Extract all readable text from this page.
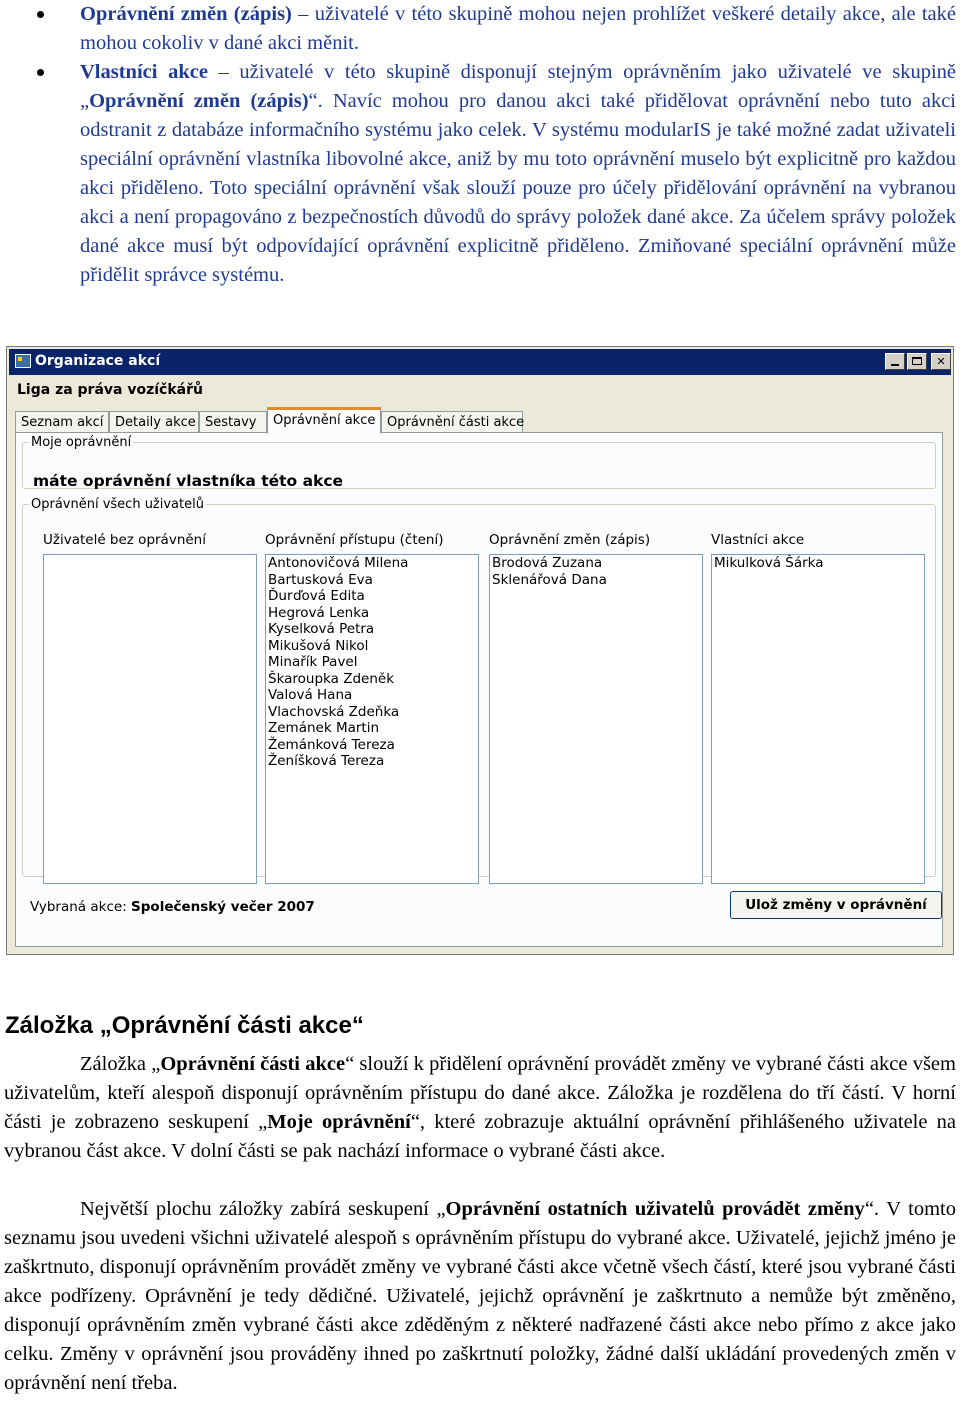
Oprávnění změn (zápis) – uživatelé v této skupině mohou nejen prohlížet veškeré detaily akce, ale také mohou cokoliv v dané akci měnit.
Vlastníci akce – uživatelé v této skupině disponují stejným oprávněním jako uživatelé ve skupině „Oprávnění změn (zápis)“. Navíc mohou pro danou akci také přidělovat oprávnění nebo tuto akci odstranit z databáze informačního systému jako celek. V systému modularIS je také možné zadat uživateli speciální oprávnění vlastníka libovolné akce, aniž by mu toto oprávnění muselo být explicitně pro každou akci přiděleno. Toto speciální oprávnění však slouží pouze pro účely přidělování oprávnění na vybranou akci a není propagováno z bezpečnostích důvodů do správy položek dané akce. Za účelem správy položek dané akce musí být odpovídající oprávnění explicitně přiděleno. Zmiňované speciální oprávnění může přidělit správce systému.
Organizace akcí	✕
Liga za práva vozíčkářů
Seznam akcí Detaily akce Sestavy	Oprávnění akce Oprávnění části akce
Moje oprávnění
máte oprávnění vlastníka této akce
Oprávnění všech uživatelů
Uživatelé bez oprávnění	Oprávnění přístupu (čtení)
Antonovičová Milena
Bartusková Eva
Ďurďová Edita
Hegrová Lenka
Kyselková Petra
Mikušová Nikol
Minařík Pavel
Škaroupka Zdeněk
Valová Hana
Vlachovská Zdeňka
Zemánek Martin
Žemánková Tereza
Ženíšková Tereza
Oprávnění změn (zápis)
Brodová Zuzana
Sklenářová Dana
Vlastníci akce
Mikulková Šárka
Vybraná akce: Společenský večer 2007	Ulož změny v oprávnění
Záložka „Oprávnění části akce“

Záložka „Oprávnění části akce“ slouží k přidělení oprávnění provádět změny ve vybrané části akce všem uživatelům, kteří alespoň disponují oprávněním přístupu do dané akce. Záložka je rozdělena do tří částí. V horní části je zobrazeno seskupení „Moje oprávnění“, které zobrazuje aktuální oprávnění přihlášeného uživatele na vybranou část akce. V dolní části se pak nachází informace o vybrané části akce.

Největší plochu záložky zabírá seskupení „Oprávnění ostatních uživatelů provádět změny“. V tomto seznamu jsou uvedeni všichni uživatelé alespoň s oprávněním přístupu do vybrané akce. Uživatelé, jejichž jméno je zaškrtnuto, disponují oprávněním provádět změny ve vybrané části akce včetně všech částí, které jsou vybrané části akce podřízeny. Oprávnění je tedy dědičné. Uživatelé, jejichž oprávnění je zaškrtnuto a nemůže být změněno, disponují oprávněním změn vybrané části akce zděděným z některé nadřazené části akce nebo přímo z akce jako celku. Změny v oprávnění jsou prováděny ihned po zaškrtnutí položky, žádné další ukládání provedených změn v oprávnění není třeba.
